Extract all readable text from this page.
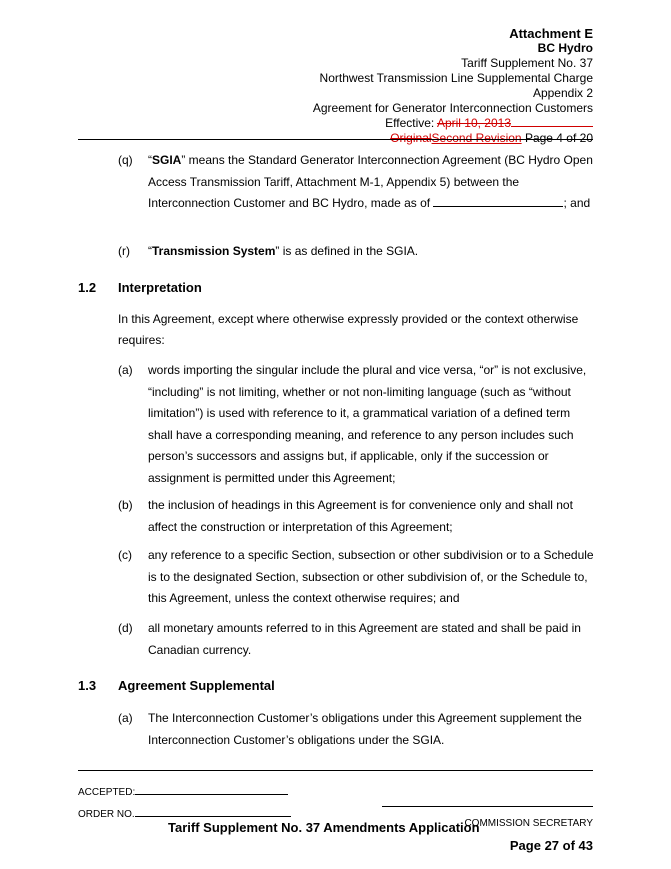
Attachment E
BC Hydro
Tariff Supplement No. 37
Northwest Transmission Line Supplemental Charge
Appendix 2
Agreement for Generator Interconnection Customers
Effective: April 10, 2013
OriginalSecond Revision Page 4 of 20
(q) “SGIA” means the Standard Generator Interconnection Agreement (BC Hydro Open Access Transmission Tariff, Attachment M-1, Appendix 5) between the Interconnection Customer and BC Hydro, made as of	; and
(r) “Transmission System” is as defined in the SGIA.
1.2 Interpretation
In this Agreement, except where otherwise expressly provided or the context otherwise requires:
(a) words importing the singular include the plural and vice versa, “or” is not exclusive, “including” is not limiting, whether or not non-limiting language (such as “without limitation”) is used with reference to it, a grammatical variation of a defined term shall have a corresponding meaning, and reference to any person includes such person’s successors and assigns but, if applicable, only if the succession or assignment is permitted under this Agreement;
(b) the inclusion of headings in this Agreement is for convenience only and shall not affect the construction or interpretation of this Agreement;
(c) any reference to a specific Section, subsection or other subdivision or to a Schedule is to the designated Section, subsection or other subdivision of, or the Schedule to, this Agreement, unless the context otherwise requires; and
(d) all monetary amounts referred to in this Agreement are stated and shall be paid in Canadian currency.
1.3 Agreement Supplemental
(a) The Interconnection Customer’s obligations under this Agreement supplement the Interconnection Customer’s obligations under the SGIA.
ACCEPTED:
ORDER NO.
COMMISSION SECRETARY
Tariff Supplement No. 37 Amendments Application
Page 27 of 43
